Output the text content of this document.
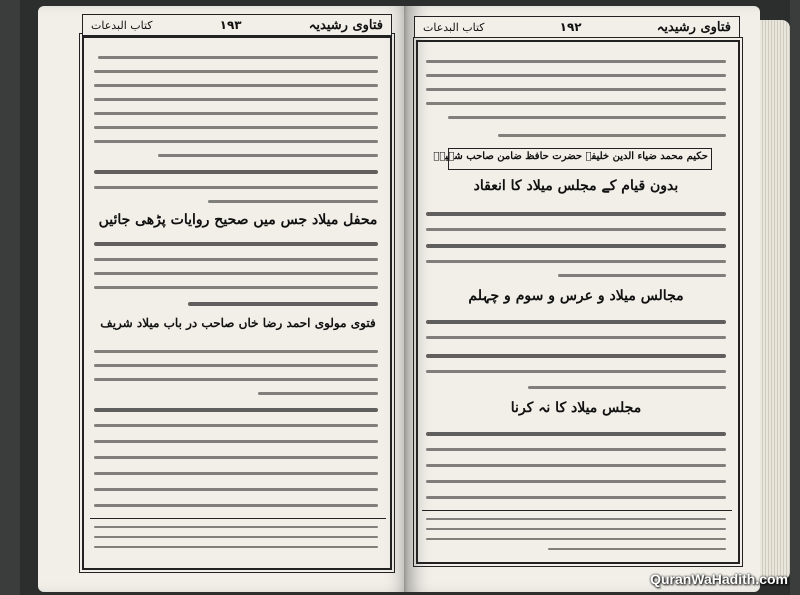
کتاب البدعات	۱۹۳	فتاوی رشیدیہ
محفل میلاد جس میں صحیح روایات پڑھی جائیں
فتوی مولوی احمد رضا خاں صاحب در باب میلاد شریف
کتاب البدعات	۱۹۲	فتاوی رشیدیہ
حکیم محمد ضیاء الدین خلیفہ حضرت حافظ ضامن صاحب شہیدؒ
بدون قیام کے مجلس میلاد کا انعقاد
مجالس میلاد و عرس و سوم و چہلم
مجلس میلاد کا نہ کرنا
QuranWaHadith.com
